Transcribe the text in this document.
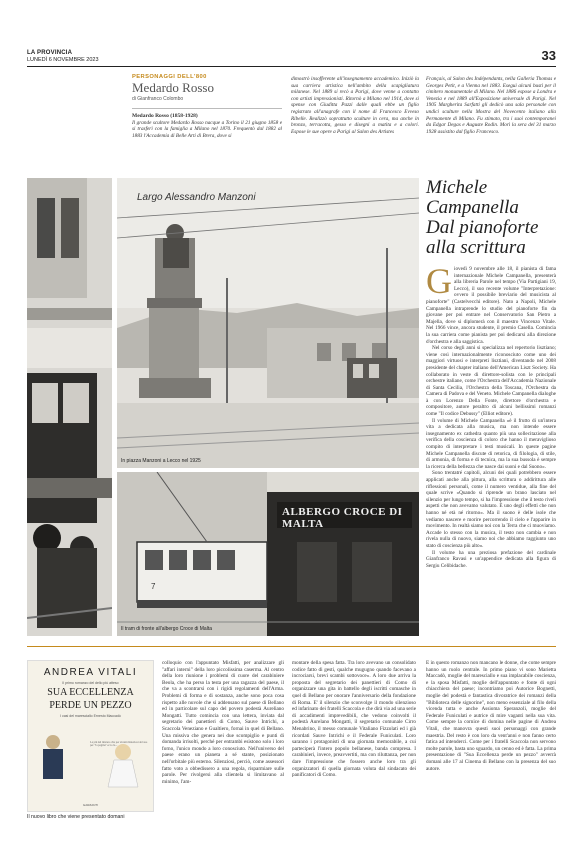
LA PROVINCIA
LUNEDÌ 6 NOVEMBRE 2023	33
PERSONAGGI DELL'800
Medardo Rosso
di Gianfranco Colombo
Medardo Rosso (1858-1928)
Il grande scultore Medardo Rosso nacque a Torino il 21 giugno 1858 e si trasferì con la famiglia a Milano nel 1870. Frequentò dal 1882 al 1883 l'Accademia di Belle Arti di Brera, dove si
dimostrò insofferente all'insegnamento accademico. Iniziò la sua carriera artistica nell'ambito della scapigliatura milanese. Nel 1889 si recò a Parigi, dove venne a contatto con artisti impressionisti. Ritornò a Milano nel 1914, dove si spense con Giuditta Pazzi dalle quali ebbe un figlio registrato all'anagrafe con il nome di Francesco Evveso Ribelle. Realizzò soprattutto sculture in cera, ma anche in bronzo, terracotta, gesso e disegni a matita e a colori. Espose le sue opere a Parigi al Salon des Artistes
Français, al Salon des Indépendants, nella Galleria Thomas e Georges Petit, e a Vienna nel 1883. Eseguì alcuni busti per il cimitero monumentale di Milano. Nel 1886 espose a Londra e Venezia e nel 1889 all'Esposizione universale di Parigi. Nel 1905 Margherita Sarfatti gli dedicò una sala personale con undici sculture nella Mostra del Novecento italiano alla Permanente di Milano. Fu stimato, tra i suoi contemporanei da Edgar Degas e Auguste Rodin. Morì la sera del 31 marzo 1928 assistito dal figlio Francesco.
Largo Alessandro Manzoni
In piazza Manzoni a Lecco nel 1925
ALBERGO CROCE DI MALTA
7
Il tram di fronte all'albergo Croce di Malta
Michele
Campanella
Dal pianoforte
alla scrittura
G iovedì 9 novembre alle 18, il pianista di fama internazionale Michele Campanella, presenterà alla libreria Parole nel tempo (Via Partigiani 19, Lecco), il suo recente volume "Interpretazione: ovvero il possibile brevìario del musicista al pianoforte" (Castelvecchi editore). Nato a Napoli, Michele Campanella intraprende lo studio del pianoforte fin da giovane per poi entrare nel Conservatorio San Pietro a Majella, dove si diplomerà con il maestro Vincenzo Vitale. Nel 1966 vince, ancora studente, il premio Casella. Comincia la sua carriera come pianista per poi dedicarsi alla direzione d'orchestra e alla saggistica.
Nel corso degli anni si specializza nel repertorio lisztiano; viene così internazionalmente riconosciuto come uno dei maggiori virtuosi e interpreti lisztiani, diventando nel 2008 presidente del chapter italiano dell'American Liszt Society. Ha collaborato in veste di direttore-solista con le principali orchestre italiane, come l'Orchestra dell'Accademia Nazionale di Santa Cecilia, l'Orchestra della Toscana, l'Orchestra da Camera di Padova e del Veneto. Michele Campanella dialoghe à con Lorenzo Della Fonte, direttore d'orchestra e compositore, autore peraltro di alcuni bellissimi romanzi come "Il codice Debussy" (Elliot editore).
Il volume di Michele Campanella «è il frutto di un'intera vita a dedicata alla musica, ma non intende essere insegnamento ex cathedra quanto più una sollecitazione alla verifica della coscienza di coloro che hanno il meraviglioso compito di interpretare i testi musicali. In queste pagine Michele Campanella discute di retorica, di filologia, di stile, di armonia, di forma e di tecnica, ma la sua bussola è sempre la ricerca della bellezza che nasce dai suoni e dal Suono».
Sono trentatré capitoli, alcuni dei quali potrebbero essere applicati anche alla pittura, alla scrittura o addirittura alle riflessioni personali, come il numero ventidue, alla fine del quale scrive «Quando si riprende un brano lasciato nel silenzio per lungo tempo, si ha l'impressione che il testo rivelì aspetti che non avevamo valutato. È uno degli effetti che non hanno né età né ritorno». Ma il suono è delle isole che vediamo nascere e morire percorrendo il cielo e l'apparire in movimento. In realtà siamo noi con la Terra che ci muoviamo. Accade lo stesso con la musica, il testo non cambia e non rivela nulla di nuovo, siamo noi che abbiamo raggiunto uno stato di coscienza più alto».
Il volume ha una preziosa prefazione del cardinale Gianfranco Ravasi e un'appendice dedicata alla figura di Sergiu Celibidache.
ANDREA VITALI
Il primo romanzo del dello più atteso
SUA ECCELLENZA
PERDE UN PEZZO
I casi del maresciallo Ernesto Maccadò
La più del mistero che per alcuni misteriosi del suo per "la pagina" ecco la...
GARZANTI
Il nuovo libro che viene presentato domani
colloquio con l'appuntato Misfatti, per analizzare gli "affari interni" della loro piccolissima caserma. Al centro della loro riunione i problemi di cuore del carabiniere Beola, che ha perso la testa per una ragazza del paese, il che va a scontrarsi con i rigidi regolamenti dell'Arma. Problemi di forma e di sostanza, anche sono poca cosa rispetto alle nuvole che si addensano sul paese di Bellano ed in particolare sul capo del povero podestà Aureliano Mongatti. Tutto comincia con una lettera, inviata dal segretario dei panettieri di Como, Sauve Intrichi, a Scaccola Veneziano e Gualtiero, fornai in quel di Bellano. Una missiva che genera nei due scompiglio e punti di domanda irrisolti, perché per entrambi esistono solo i loro forno, l'unico mondo a loro conosciuto. Nell'universo del paese erano un pianeta a sé stante, posizionato nell'orbitale più esterno. Silenziosi, perciò, come assessori fatto voto a obbedissero a una regola, risparmiare sulle parole. Per rivolgersi alla clientela si limitavano al minimo, l'am-
montare della spesa fatta. Tra loro avevano un consolidato codice fatto di gesti, qualche mugugno quando facevano a incrociarsi, brevi scambi sottovoce». A loro due arriva la proposta del segretario dei panettieri di Como di organizzare una gita in battello degli iscritti comasche in quel di Bellano per onorare l'anniversario della fondazione di Roma. E' il silenzio che sconvolge il mondo silenzioso ed infarinato dei fratelli Scaccola e che dirà via ad una serie di accadimenti imprevedibili, che vedono coinvolti il podestà Aurelano Mongatti, il segretario comunale Cirro Menabrino, il messo comunale Vitaliano Fizzolati ed i già ricordati Sauve Intrichi e il Federale Funiculati. Loro saranno i protagonisti di una giornata memorabile, a cui parteciperà l'intero popolo bellanese, banda compresa. I carabinieri, invece, preavvertiti, ma con riluttanza, per non dare l'impressione che fossero anche loro tra gli organizzatori di quella giornata voluta dal sindacato dei panificatori di Como.
E in questo romanzo non mancano le donne, che come sempre hanno un ruolo centrale. In primo piano vi sono Marietta Maccadò, moglie del maresciallo e sua implacabile coscienza, e la sposa Misfatti, moglie dell'appuntato e fonte di ogni chiacchiera del paese; incontriamo poi Autorice Bognetti, moglie del podestà e fantastica divoratrice dei romanzi della "Biblioteca delle signorine", non meno essenziale al filo della vicenda tutta e anche Assioma Speranzoli, moglie del Federale Funiculati e autrice di mire vaganti nella sua vita. Come sempre la cornice di domina nelle pagine di Andrea Vitali, che manovra questi suoi personaggi con grande maestria. Del resto è con loro da vent'anni e non fanno certo fatica ad intenderci. Come per i fratelli Scaccola non servono molte parole, basta uno sguardo, un cenno ed è fatta. La prima presentazione di "Sua Eccellenza perde un pezzo" avverrà domani alle 17 al Cinema di Bellano con la presenza del suo autore.
